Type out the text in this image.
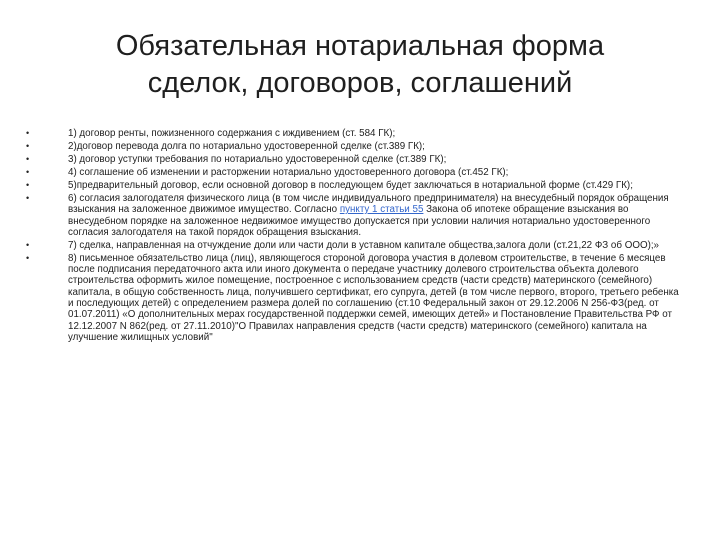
Обязательная нотариальная форма
сделок, договоров, соглашений
•	1) договор ренты, пожизненного содержания с иждивением (ст. 584 ГК);
•	2)договор перевода долга по нотариально удостоверенной сделке (ст.389 ГК);
•	3) договор уступки требования по нотариально удостоверенной сделке (ст.389 ГК);
•	4) соглашение об изменении и расторжении нотариально удостоверенного договора (ст.452 ГК);
•	5)предварительный договор, если основной договор в последующем будет заключаться в нотариальной форме (ст.429 ГК);
•	6) согласия залогодателя физического лица (в том числе индивидуального предпринимателя) на внесудебный порядок обращения взыскания на заложенное движимое имущество. Согласно пункту 1 статьи 55 Закона об ипотеке обращение взыскания во внесудебном порядке на заложенное недвижимое имущество допускается при условии наличия нотариально удостоверенного согласия залогодателя на такой порядок обращения взыскания.
•	7) сделка, направленная на отчуждение доли или части доли в уставном капитале общества,залога доли (ст.21,22 ФЗ об ООО);»
•	8) письменное обязательство лица (лиц), являющегося стороной договора участия в долевом строительстве, в течение 6 месяцев после подписания передаточного акта или иного документа о передаче участнику долевого строительства объекта долевого строительства оформить жилое помещение, построенное с использованием средств (части средств) материнского (семейного) капитала, в общую собственность лица, получившего сертификат, его супруга, детей (в том числе первого, второго, третьего ребенка и последующих детей) с определением размера долей по соглашению (ст.10 Федеральный закон от 29.12.2006 N 256-ФЗ(ред. от 01.07.2011) «О дополнительных мерах государственной поддержки семей, имеющих детей» и Постановление Правительства РФ от 12.12.2007 N 862(ред. от 27.11.2010)"О Правилах направления средств (части средств) материнского (семейного) капитала на улучшение жилищных условий"
